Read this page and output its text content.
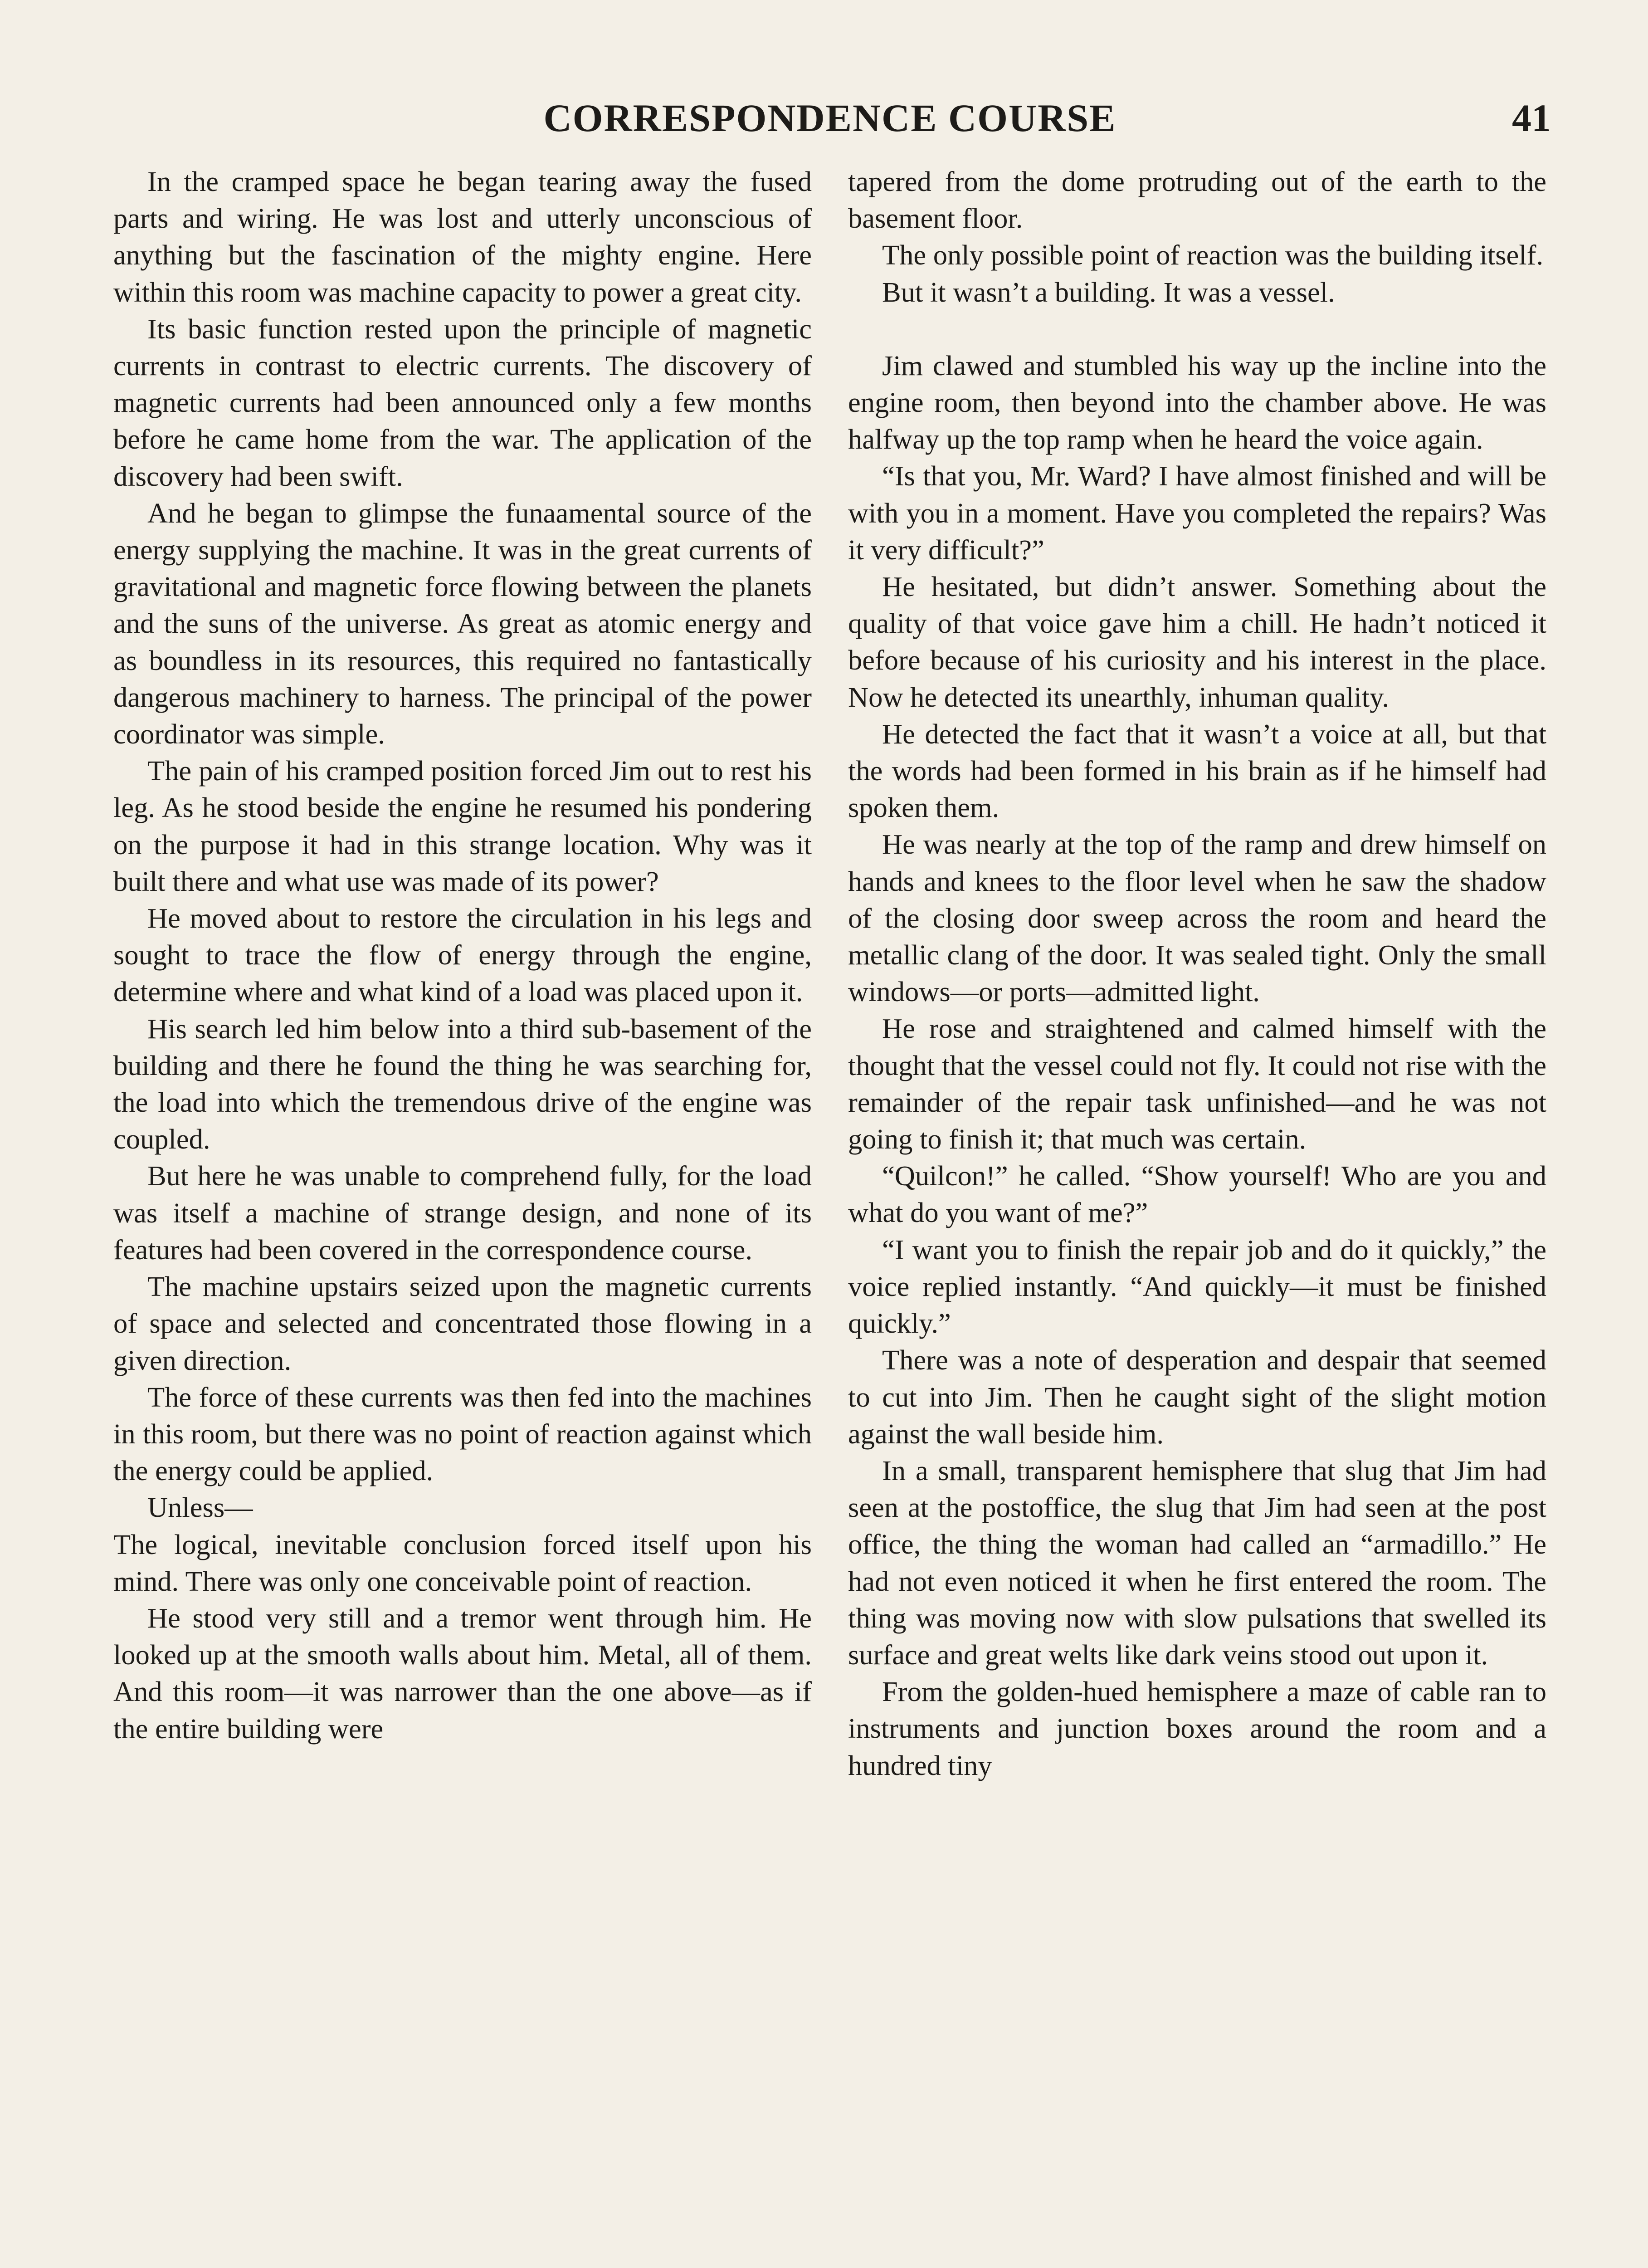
CORRESPONDENCE COURSE	41

In the cramped space he began tearing away the fused parts and wiring. He was lost and utterly unconscious of anything but the fascination of the mighty engine. Here within this room was machine capacity to power a great city.

Its basic function rested upon the principle of magnetic currents in contrast to electric currents. The discovery of magnetic currents had been announced only a few months before he came home from the war. The application of the discovery had been swift.

And he began to glimpse the funaamental source of the energy supplying the machine. It was in the great currents of gravitational and magnetic force flowing between the planets and the suns of the universe. As great as atomic energy and as boundless in its resources, this required no fantastically dangerous machinery to harness. The principal of the power coordinator was simple.

The pain of his cramped position forced Jim out to rest his leg. As he stood beside the engine he resumed his pondering on the purpose it had in this strange location. Why was it built there and what use was made of its power?

He moved about to restore the circulation in his legs and sought to trace the flow of energy through the engine, determine where and what kind of a load was placed upon it.

His search led him below into a third sub-basement of the building and there he found the thing he was searching for, the load into which the tremendous drive of the engine was coupled.

But here he was unable to comprehend fully, for the load was itself a machine of strange design, and none of its features had been covered in the correspondence course.

The machine upstairs seized upon the magnetic currents of space and selected and concentrated those flowing in a given direction.

The force of these currents was then fed into the machines in this room, but there was no point of reaction against which the energy could be applied.

Unless—

The logical, inevitable conclusion forced itself upon his mind. There was only one conceivable point of reaction.

He stood very still and a tremor went through him. He looked up at the smooth walls about him. Metal, all of them. And this room—it was narrower than the one above—as if the entire building were

tapered from the dome protruding out of the earth to the basement floor.

The only possible point of reaction was the building itself.

But it wasn’t a building. It was a vessel.

Jim clawed and stumbled his way up the incline into the engine room, then beyond into the chamber above. He was halfway up the top ramp when he heard the voice again.

“Is that you, Mr. Ward? I have almost finished and will be with you in a moment. Have you completed the repairs? Was it very difficult?”

He hesitated, but didn’t answer. Something about the quality of that voice gave him a chill. He hadn’t noticed it before because of his curiosity and his interest in the place. Now he detected its unearthly, inhuman quality.

He detected the fact that it wasn’t a voice at all, but that the words had been formed in his brain as if he himself had spoken them.

He was nearly at the top of the ramp and drew himself on hands and knees to the floor level when he saw the shadow of the closing door sweep across the room and heard the metallic clang of the door. It was sealed tight. Only the small windows—or ports—admitted light.

He rose and straightened and calmed himself with the thought that the vessel could not fly. It could not rise with the remainder of the repair task unfinished—and he was not going to finish it; that much was certain.

“Quilcon!” he called. “Show yourself! Who are you and what do you want of me?”

“I want you to finish the repair job and do it quickly,” the voice replied instantly. “And quickly—it must be finished quickly.”

There was a note of desperation and despair that seemed to cut into Jim. Then he caught sight of the slight motion against the wall beside him.

In a small, transparent hemisphere that slug that Jim had seen at the postoffice, the slug that Jim had seen at the post office, the thing the woman had called an “armadillo.” He had not even noticed it when he first entered the room. The thing was moving now with slow pulsations that swelled its surface and great welts like dark veins stood out upon it.

From the golden-hued hemisphere a maze of cable ran to instruments and junction boxes around the room and a hundred tiny
